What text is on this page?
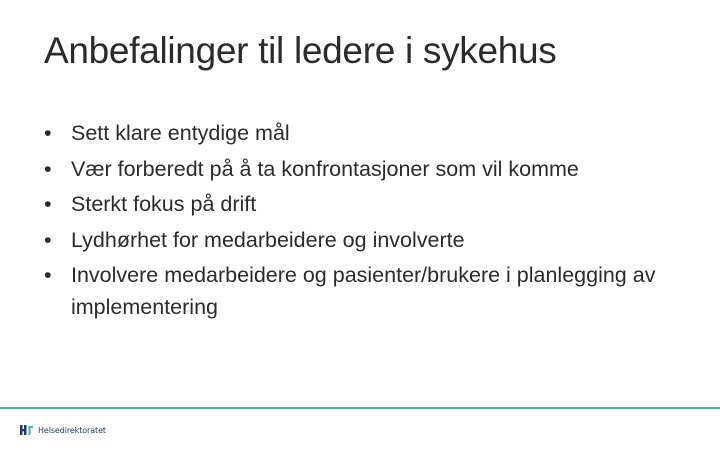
Anbefalinger til ledere i sykehus
• Sett klare entydige mål
• Vær forberedt på å ta konfrontasjoner som vil komme
• Sterkt fokus på drift
• Lydhørhet for medarbeidere og involverte
• Involvere medarbeidere og pasienter/brukere i planlegging av implementering
Helsedirektoratet
